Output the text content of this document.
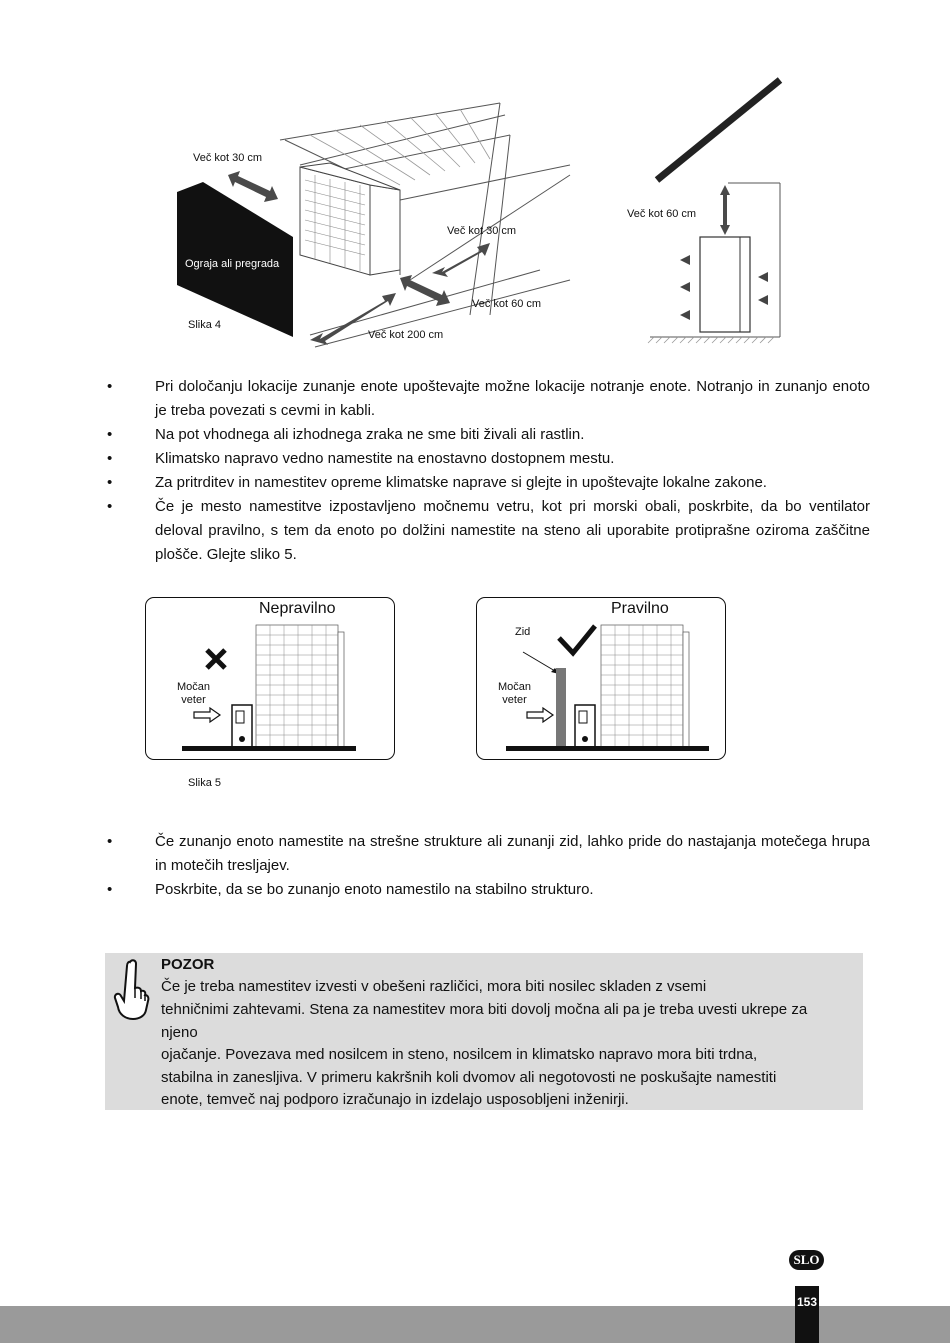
Več kot 30 cm
Ograja ali pregrada
Več kot 30 cm
Več kot 60 cm
Več kot 200 cm
Slika 4
Več kot 60 cm
•	Pri določanju lokacije zunanje enote upoštevajte možne lokacije notranje enote. Notranjo in zunanjo enoto je treba povezati s cevmi in kabli.
•	Na pot vhodnega ali izhodnega zraka ne sme biti živali ali rastlin.
•	Klimatsko napravo vedno namestite na enostavno dostopnem mestu.
•	Za pritrditev in namestitev opreme klimatske naprave si glejte in upoštevajte lokalne zakone.
•	Če je mesto namestitve izpostavljeno močnemu vetru, kot pri morski obali, poskrbite, da bo ventilator deloval pravilno, s tem da enoto po dolžini namestite na steno ali uporabite protiprašne oziroma zaščitne plošče. Glejte sliko 5.
Nepravilno
Močan
veter
Pravilno
Zid
Močan
veter
Slika 5
•	Če zunanjo enoto namestite na strešne strukture ali zunanji zid, lahko pride do nastajanja motečega hrupa in motečih tresljajev.
•	Poskrbite, da se bo zunanjo enoto namestilo na stabilno strukturo.
POZOR
Če je treba namestitev izvesti v obešeni različici, mora biti nosilec skladen z vsemi
tehničnimi zahtevami. Stena za namestitev mora biti dovolj močna ali pa je treba uvesti ukrepe za
njeno
ojačanje. Povezava med nosilcem in steno, nosilcem in klimatsko napravo mora biti trdna,
stabilna in zanesljiva. V primeru kakršnih koli dvomov ali negotovosti ne poskušajte namestiti
enote, temveč naj podporo izračunajo in izdelajo usposobljeni inženirji.
SLO
153
